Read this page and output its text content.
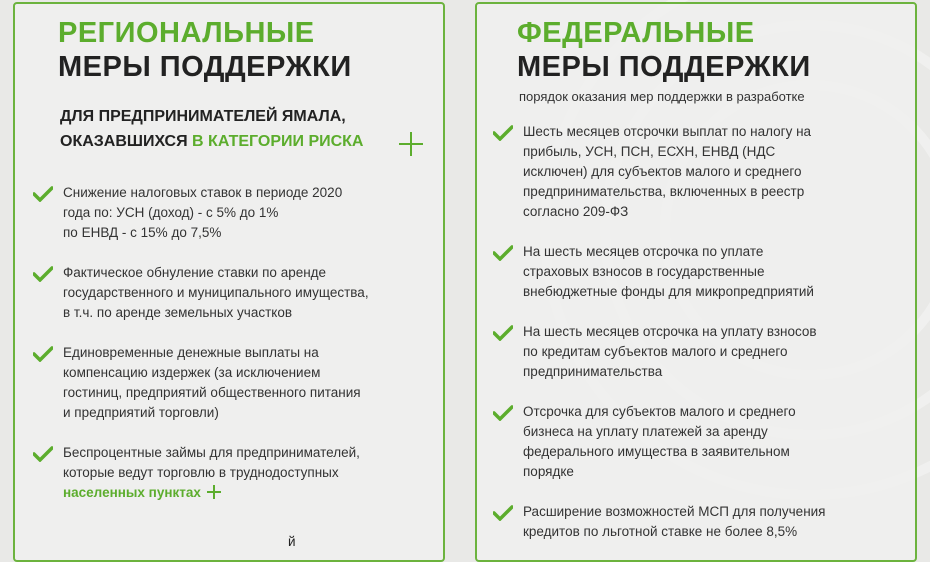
РЕГИОНАЛЬНЫЕ
МЕРЫ ПОДДЕРЖКИ
ДЛЯ ПРЕДПРИНИМАТЕЛЕЙ ЯМАЛА,
ОКАЗАВШИХСЯ В КАТЕГОРИИ РИСКА
Снижение налоговых ставок в периоде 2020
года по: УСН (доход) - с 5% до 1%
по ЕНВД - с 15% до 7,5%
Фактическое обнуление ставки по аренде
государственного и муниципального имущества,
в т.ч. по аренде земельных участков
Единовременные денежные выплаты на
компенсацию издержек (за исключением
гостиниц, предприятий общественного питания
и предприятий торговли)
Беспроцентные займы для предпринимателей,
которые ведут торговлю в труднодоступных
населенных пунктах
й
ФЕДЕРАЛЬНЫЕ
МЕРЫ ПОДДЕРЖКИ
порядок оказания мер поддержки в разработке
Шесть месяцев отсрочки выплат по налогу на
прибыль, УСН, ПСН, ЕСХН, ЕНВД (НДС
исключен) для субъектов малого и среднего
предпринимательства, включенных в реестр
согласно 209-ФЗ
На шесть месяцев отсрочка по уплате
страховых взносов в государственные
внебюджетные фонды для микропредприятий
На шесть месяцев отсрочка на уплату взносов
по кредитам субъектов малого и среднего
предпринимательства
Отсрочка для субъектов малого и среднего
бизнеса на уплату платежей за аренду
федерального имущества в заявительном
порядке
Расширение возможностей МСП для получения
кредитов по льготной ставке не более 8,5%
